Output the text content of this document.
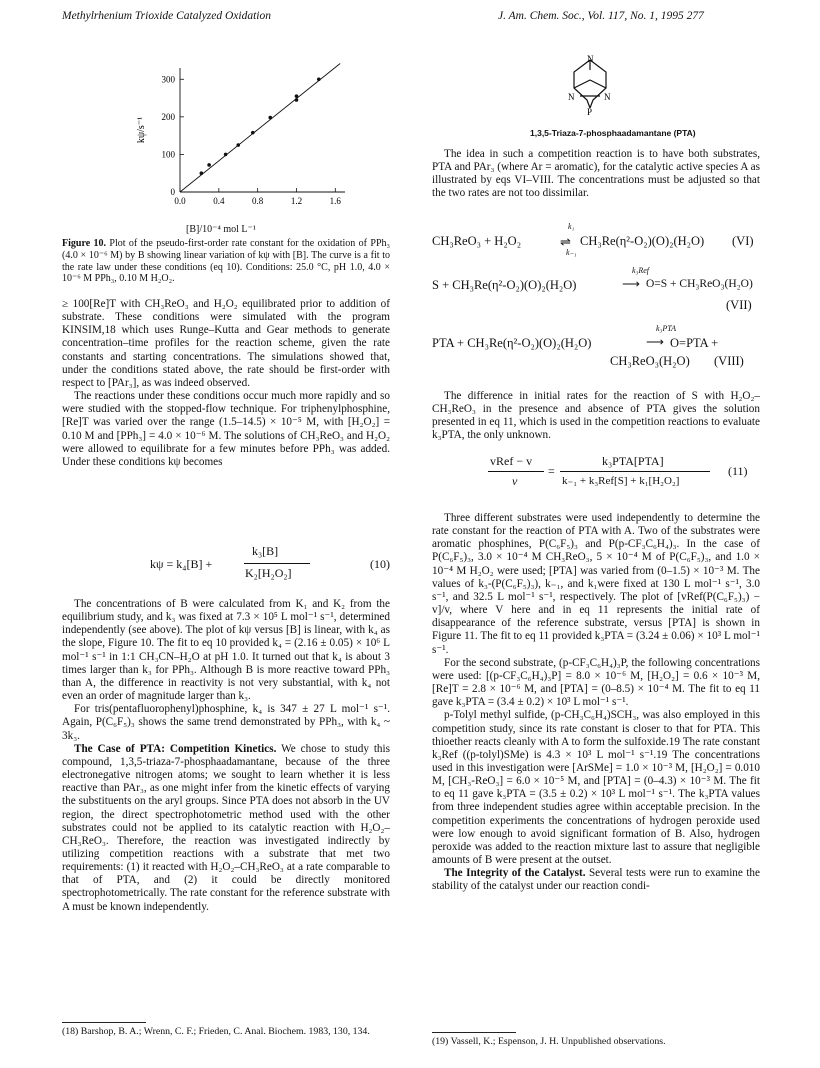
Methylrhenium Trioxide Catalyzed Oxidation	J. Am. Chem. Soc., Vol. 117, No. 1, 1995 277
0
100
200
300
0.0	0.4	0.8	1.2	1.6
kψ/s⁻¹
[B]/10⁻⁴ mol L⁻¹
Figure 10. Plot of the pseudo-first-order rate constant for the oxidation of PPh₃ (4.0 × 10⁻⁶ M) by B showing linear variation of kψ with [B]. The curve is a fit to the rate law under these conditions (eq 10). Conditions: 25.0 °C, pH 1.0, 4.0 × 10⁻⁶ M PPh₃, 0.10 M H₂O₂.

≥ 100[Re]T with CH₃ReO₃ and H₂O₂ equilibrated prior to addition of substrate. These conditions were simulated with the program KINSIM,18 which uses Runge–Kutta and Gear methods to generate concentration–time profiles for the reaction scheme, given the rate constants and starting concentrations. The simulations showed that, under the conditions stated above, the rate should be first-order with respect to [PAr₃], as was indeed observed.

The reactions under these conditions occur much more rapidly and so were studied with the stopped-flow technique. For triphenylphosphine, [Re]T was varied over the range (1.5–14.5) × 10⁻⁵ M, with [H₂O₂] = 0.10 M and [PPh₃] = 4.0 × 10⁻⁶ M. The solutions of CH₃ReO₃ and H₂O₂ were allowed to equilibrate for a few minutes before PPh₃ was added. Under these conditions kψ becomes

kψ = k₄[B] +
k₃[B]
K₂[H₂O₂]
(10)

The concentrations of B were calculated from K₁ and K₂ from the equilibrium study, and k₃ was fixed at 7.3 × 10⁵ L mol⁻¹ s⁻¹, determined independently (see above). The plot of kψ versus [B] is linear, with k₄ as the slope, Figure 10. The fit to eq 10 provided k₄ = (2.16 ± 0.05) × 10⁶ L mol⁻¹ s⁻¹ in 1:1 CH₃CN–H₂O at pH 1.0. It turned out that k₄ is about 3 times larger than k₃ for PPh₃. Although B is more reactive toward PPh₃ than A, the difference in reactivity is not very substantial, with k₄ not even an order of magnitude larger than k₃.

For tris(pentafluorophenyl)phosphine, k₄ is 347 ± 27 L mol⁻¹ s⁻¹. Again, P(C₆F₅)₃ shows the same trend demonstrated by PPh₃, with k₄ ~ 3k₃.

The Case of PTA: Competition Kinetics. We chose to study this compound, 1,3,5-triaza-7-phosphaadamantane, because of the three electronegative nitrogen atoms; we sought to learn whether it is less reactive than PAr₃, as one might infer from the kinetic effects of varying the substituents on the aryl groups. Since PTA does not absorb in the UV region, the direct spectrophotometric method used with the other substrates could not be applied to its catalytic reaction with H₂O₂–CH₃ReO₃. Therefore, the reaction was investigated indirectly by utilizing competition reactions with a substrate that met two requirements: (1) it reacted with H₂O₂–CH₃ReO₃ at a rate comparable to that of PTA, and (2) it could be directly monitored spectrophotometrically. The rate constant for the reference substrate with A must be known independently.

(18) Barshop, B. A.; Wrenn, C. F.; Frieden, C. Anal. Biochem. 1983, 130, 134.
N
N	N
P
1,3,5-Triaza-7-phosphaadamantane (PTA)

The idea in such a competition reaction is to have both substrates, PTA and PAr₃ (where Ar = aromatic), for the catalytic active species A as illustrated by eqs VI–VIII. The concentrations must be adjusted so that the two rates are not too dissimilar.

CH₃ReO₃ + H₂O₂
k₁
⇌
k₋₁
CH₃Re(η²-O₂)(O)₂(H₂O) (VI)
S + CH₃Re(η²-O₂)(O)₂(H₂O)
k₃Ref
⟶ O=S + CH₃ReO₃(H₂O)
(VII)
PTA + CH₃Re(η²-O₂)(O)₂(H₂O)
k₃PTA
⟶ O=PTA +
CH₃ReO₃(H₂O) (VIII)

The difference in initial rates for the reaction of S with H₂O₂–CH₃ReO₃ in the presence and absence of PTA gives the solution presented in eq 11, which is used in the competition reactions to evaluate k₃PTA, the only unknown.

vRef − v
v
=
k₃PTA[PTA]
k₋₁ + k₃Ref[S] + k₁[H₂O₂]
(11)

Three different substrates were used independently to determine the rate constant for the reaction of PTA with A. Two of the substrates were aromatic phosphines, P(C₆F₅)₃ and P(p-CF₃C₆H₄)₃. In the case of P(C₆F₅)₃, 3.0 × 10⁻⁴ M CH₃ReO₃, 5 × 10⁻⁴ M of P(C₆F₅)₃, and 1.0 × 10⁻⁴ M H₂O₂ were used; [PTA] was varied from (0–1.5) × 10⁻³ M. The values of k₃-(P(C₆F₅)₃), k₋₁, and k₁were fixed at 130 L mol⁻¹ s⁻¹, 3.0 s⁻¹, and 32.5 L mol⁻¹ s⁻¹, respectively. The plot of [vRef(P(C₆F₅)₃) − v]/v, where V here and in eq 11 represents the initial rate of disappearance of the reference substrate, versus [PTA] is shown in Figure 11. The fit to eq 11 provided k₃PTA = (3.24 ± 0.06) × 10³ L mol⁻¹ s⁻¹.

For the second substrate, (p-CF₃C₆H₄)₃P, the following concentrations were used: [(p-CF₃C₆H₄)₃P] = 8.0 × 10⁻⁶ M, [H₂O₂] = 0.6 × 10⁻³ M, [Re]T = 2.8 × 10⁻⁶ M, and [PTA] = (0–8.5) × 10⁻⁴ M. The fit to eq 11 gave k₃PTA = (3.4 ± 0.2) × 10³ L mol⁻¹ s⁻¹.

p-Tolyl methyl sulfide, (p-CH₃C₆H₄)SCH₃, was also employed in this competition study, since its rate constant is closer to that for PTA. This thioether reacts cleanly with A to form the sulfoxide.19 The rate constant k₃Ref ((p-tolyl)SMe) is 4.3 × 10³ L mol⁻¹ s⁻¹.19 The concentrations used in this investigation were [ArSMe] = 1.0 × 10⁻³ M, [H₂O₂] = 0.010 M, [CH₃-ReO₃] = 6.0 × 10⁻⁵ M, and [PTA] = (0–4.3) × 10⁻³ M. The fit to eq 11 gave k₃PTA = (3.5 ± 0.2) × 10³ L mol⁻¹ s⁻¹. The k₃PTA values from three independent studies agree within acceptable precision. In the competition experiments the concentrations of hydrogen peroxide used were low enough to avoid significant formation of B. Also, hydrogen peroxide was added to the reaction mixture last to assure that negligible amounts of B were present at the outset.

The Integrity of the Catalyst. Several tests were run to examine the stability of the catalyst under our reaction condi-

(19) Vassell, K.; Espenson, J. H. Unpublished observations.
